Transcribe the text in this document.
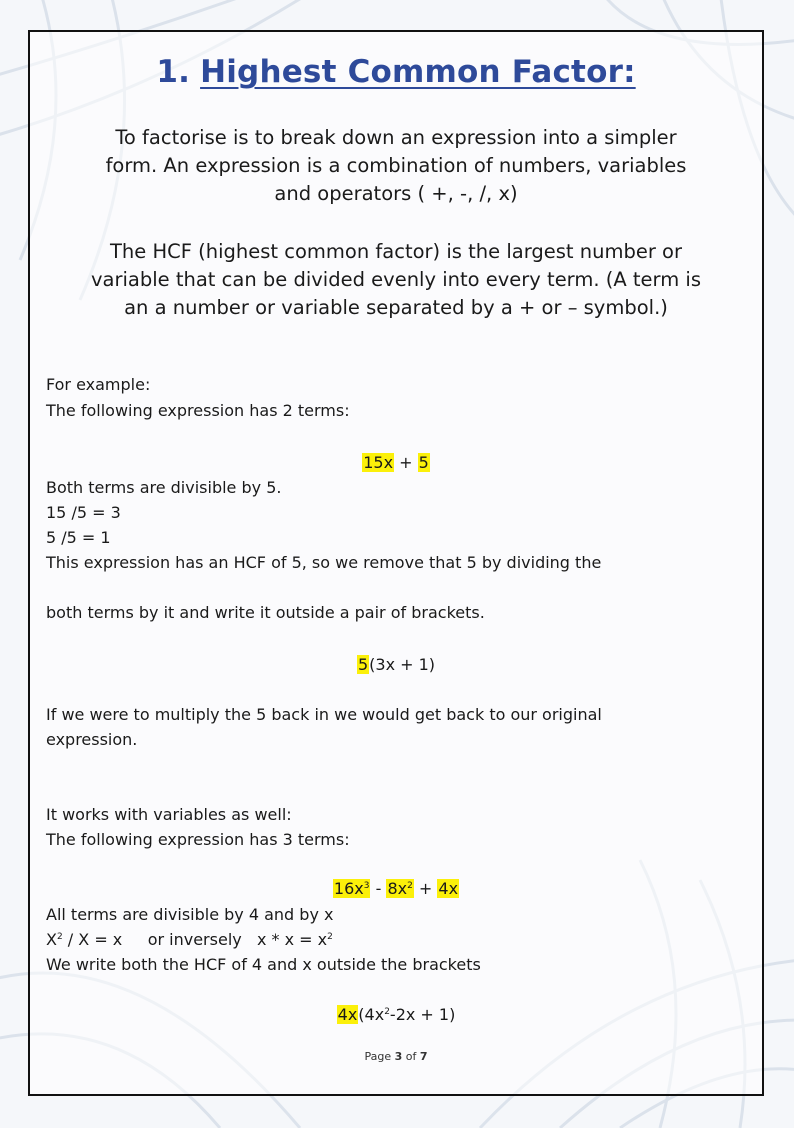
1. Highest Common Factor:
To factorise is to break down an expression into a simpler
form. An expression is a combination of numbers, variables
and operators ( +, -, /, x)
The HCF (highest common factor) is the largest number or
variable that can be divided evenly into every term. (A term is
an a number or variable separated by a + or – symbol.)
For example:
The following expression has 2 terms:
15x + 5
Both terms are divisible by 5.
15 /5 = 3
5 /5 = 1
This expression has an HCF of 5, so we remove that 5 by dividing the
both terms by it and write it outside a pair of brackets.
5(3x + 1)
If we were to multiply the 5 back in we would get back to our original
expression.
It works with variables as well:
The following expression has 3 terms:
$16x^3 - 8x^2 + 4x$
All terms are divisible by 4 and by x
$X^2 / X = x$     or inversely   $x * x = x^2$
We write both the HCF of 4 and x outside the brackets
$4x(4x^2-2x + 1)$
Page 3 of 7
